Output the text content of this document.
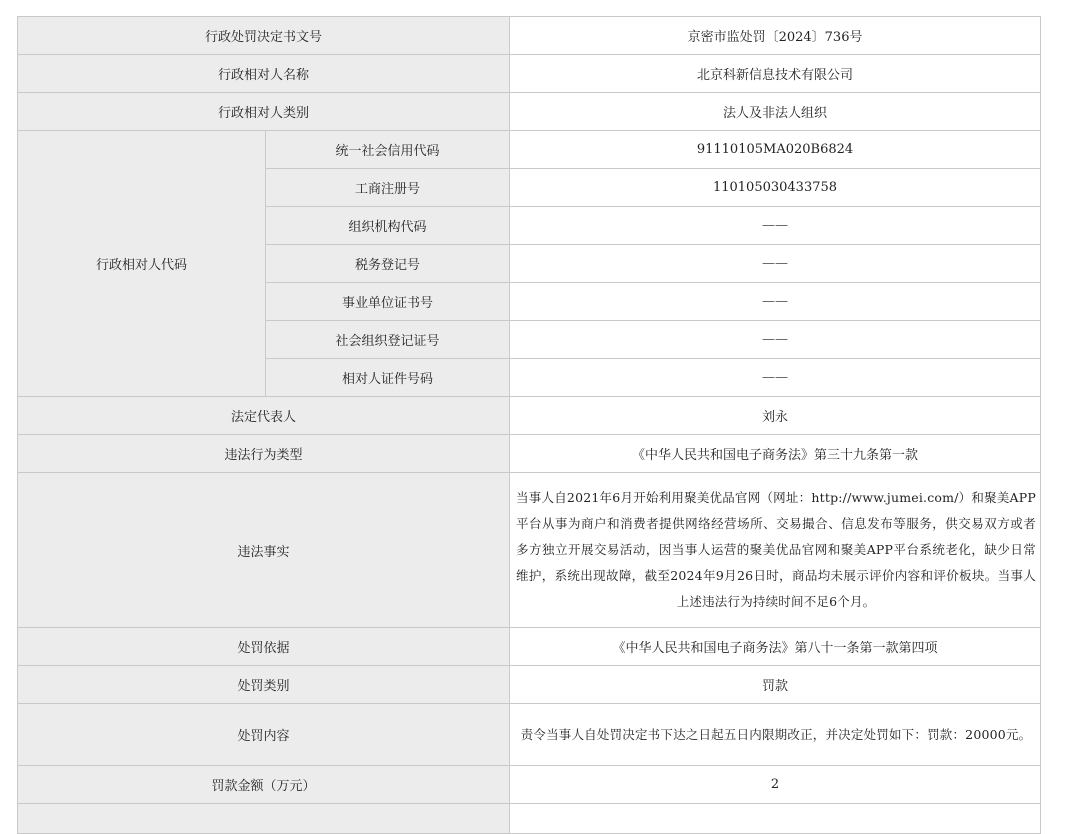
行政处罚决定书文号		京密市监处罚〔2024〕736号
行政相对人名称		北京科新信息技术有限公司
行政相对人类别		法人及非法人组织
行政相对人代码	统一社会信用代码	91110105MA020B6824
	工商注册号	110105030433758
	组织机构代码	——
	税务登记号	——
	事业单位证书号	——
	社会组织登记证号	——
	相对人证件号码	——
法定代表人		刘永
违法行为类型		《中华人民共和国电子商务法》第三十九条第一款
违法事实		当事人自2021年6月开始利用聚美优品官网（网址：http://www.jumei.com/）和聚美APP平台从事为商户和消费者提供网络经营场所、交易撮合、信息发布等服务，供交易双方或者多方独立开展交易活动，因当事人运营的聚美优品官网和聚美APP平台系统老化，缺少日常维护，系统出现故障，截至2024年9月26日时，商品均未展示评价内容和评价板块。当事人上述违法行为持续时间不足6个月。
处罚依据		《中华人民共和国电子商务法》第八十一条第一款第四项
处罚类别		罚款
处罚内容		责令当事人自处罚决定书下达之日起五日内限期改正，并决定处罚如下：罚款：20000元。
罚款金额（万元）		2
